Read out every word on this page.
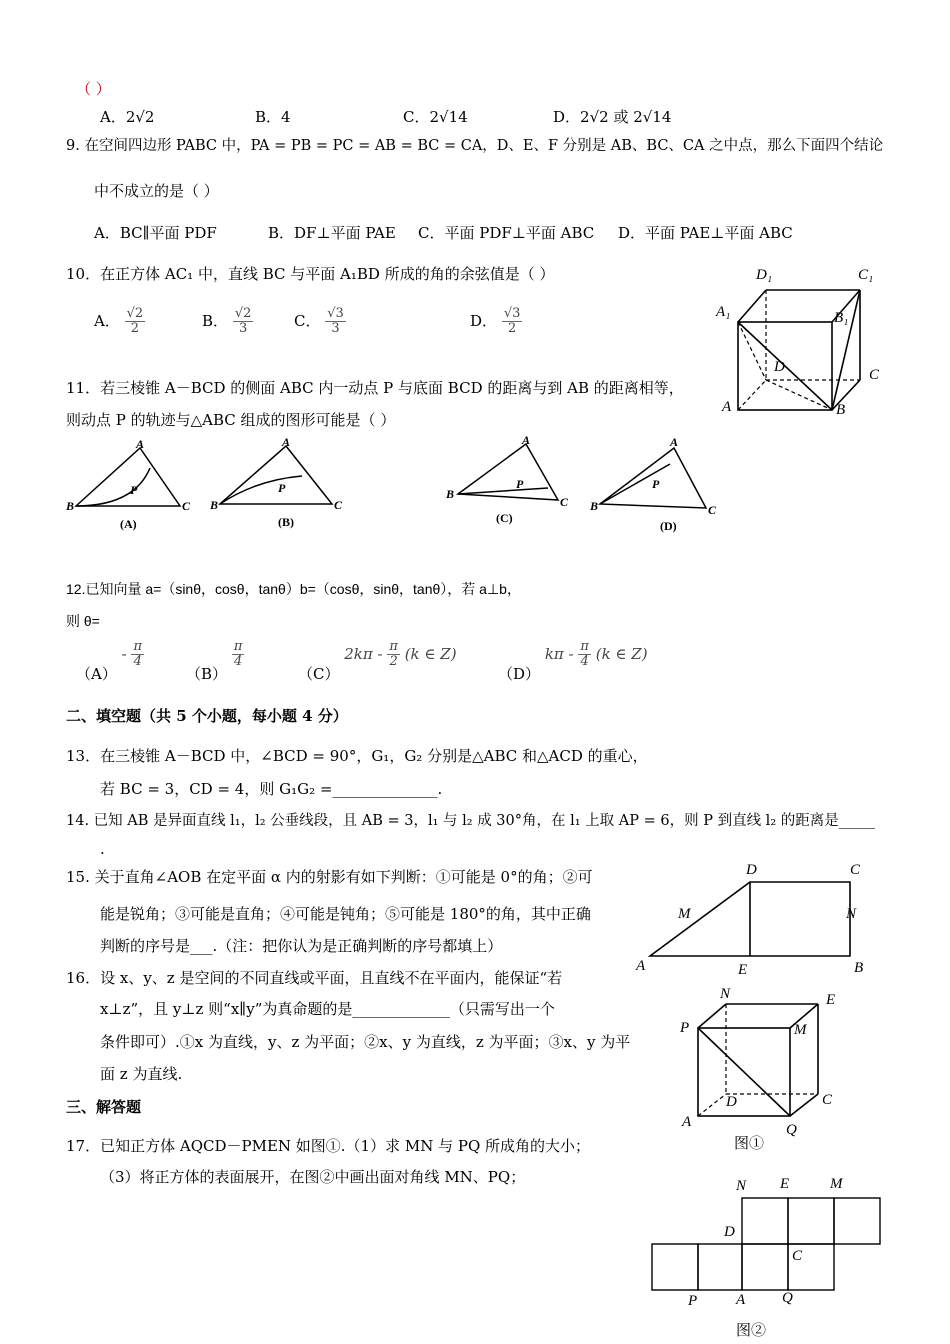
（ ）
A．2√2	B．4	C．2√14	D．2√2 或 2√14
9. 在空间四边形 PABC 中，PA = PB = PC = AB = BC = CA，D、E、F 分别是 AB、BC、CA 之中点，那么下面四个结论
中不成立的是（ ）
A．BC∥平面 PDF	B．DF⊥平面 PAE C．平面 PDF⊥平面 ABC D．平面 PAE⊥平面 ABC
10．在正方体 AC₁ 中，直线 BC 与平面 A₁BD 所成的角的余弦值是（ ）
A． $\frac{√2}{2}$	B． $\frac{√2}{3}$	C． $\frac{√3}{3}$	D． $\frac{√3}{2}$
D₁	C₁
A₁	B₁
D	C
A	B
11．若三棱锥 A－BCD 的侧面 ABC 内一动点 P 与底面 BCD 的距离与到 AB 的距离相等，
则动点 P 的轨迹与△ABC 组成的图形可能是（ ）
A
B	C
P
(A)
A
B	C
P
(B)
A
B
C
P
(C)
A
B	C
P
(D)
12.已知向量 a=（sinθ，cosθ，tanθ）b=（cosθ，sinθ，tanθ），若 a⊥b，
则 θ=
$(A) - \frac{\pi}{4}$
（B）
$\frac{\pi}{4}$
（C） $2k\pi - \frac{\pi}{2} (k$ ∈ Z)
（D） kπ - $\frac{\pi}{4} (k$ ∈ Z)
二、填空题（共 5 个小题，每小题 4 分）
13．在三棱锥 A－BCD 中，∠BCD = 90°，G₁，G₂ 分别是△ABC 和△ACD 的重心，
若 BC = 3，CD = 4，则 G₁G₂ =______________.
14. 已知 AB 是异面直线 l₁，l₂ 公垂线段，且 AB = 3，l₁ 与 l₂ 成 30°角，在 l₁ 上取 AP = 6，则 P 到直线 l₂ 的距离是_____
.
15. 关于直角∠AOB 在定平面 α 内的射影有如下判断：①可能是 0°的角；②可
能是锐角；③可能是直角；④可能是钝角；⑤可能是 180°的角，其中正确
判断的序号是___.（注：把你认为是正确判断的序号都填上）
D	C
M	N
A	E	B
16．设 x、y、z 是空间的不同直线或平面，且直线不在平面内，能保证“若
x⊥z”，且 y⊥z 则“x∥y”为真命题的是_____________（只需写出一个
条件即可）.①x 为直线，y、z 为平面；②x、y 为直线，z 为平面；③x、y 为平
面 z 为直线.
三、解答题
17．已知正方体 AQCD－PMEN 如图①.（1）求 MN 与 PQ 所成角的大小；
（3）将正方体的表面展开，在图②中画出面对角线 MN、PQ；
N	E
P	M
D	C
A	Q
图①
N E	M
D
C
P	A Q
图②
